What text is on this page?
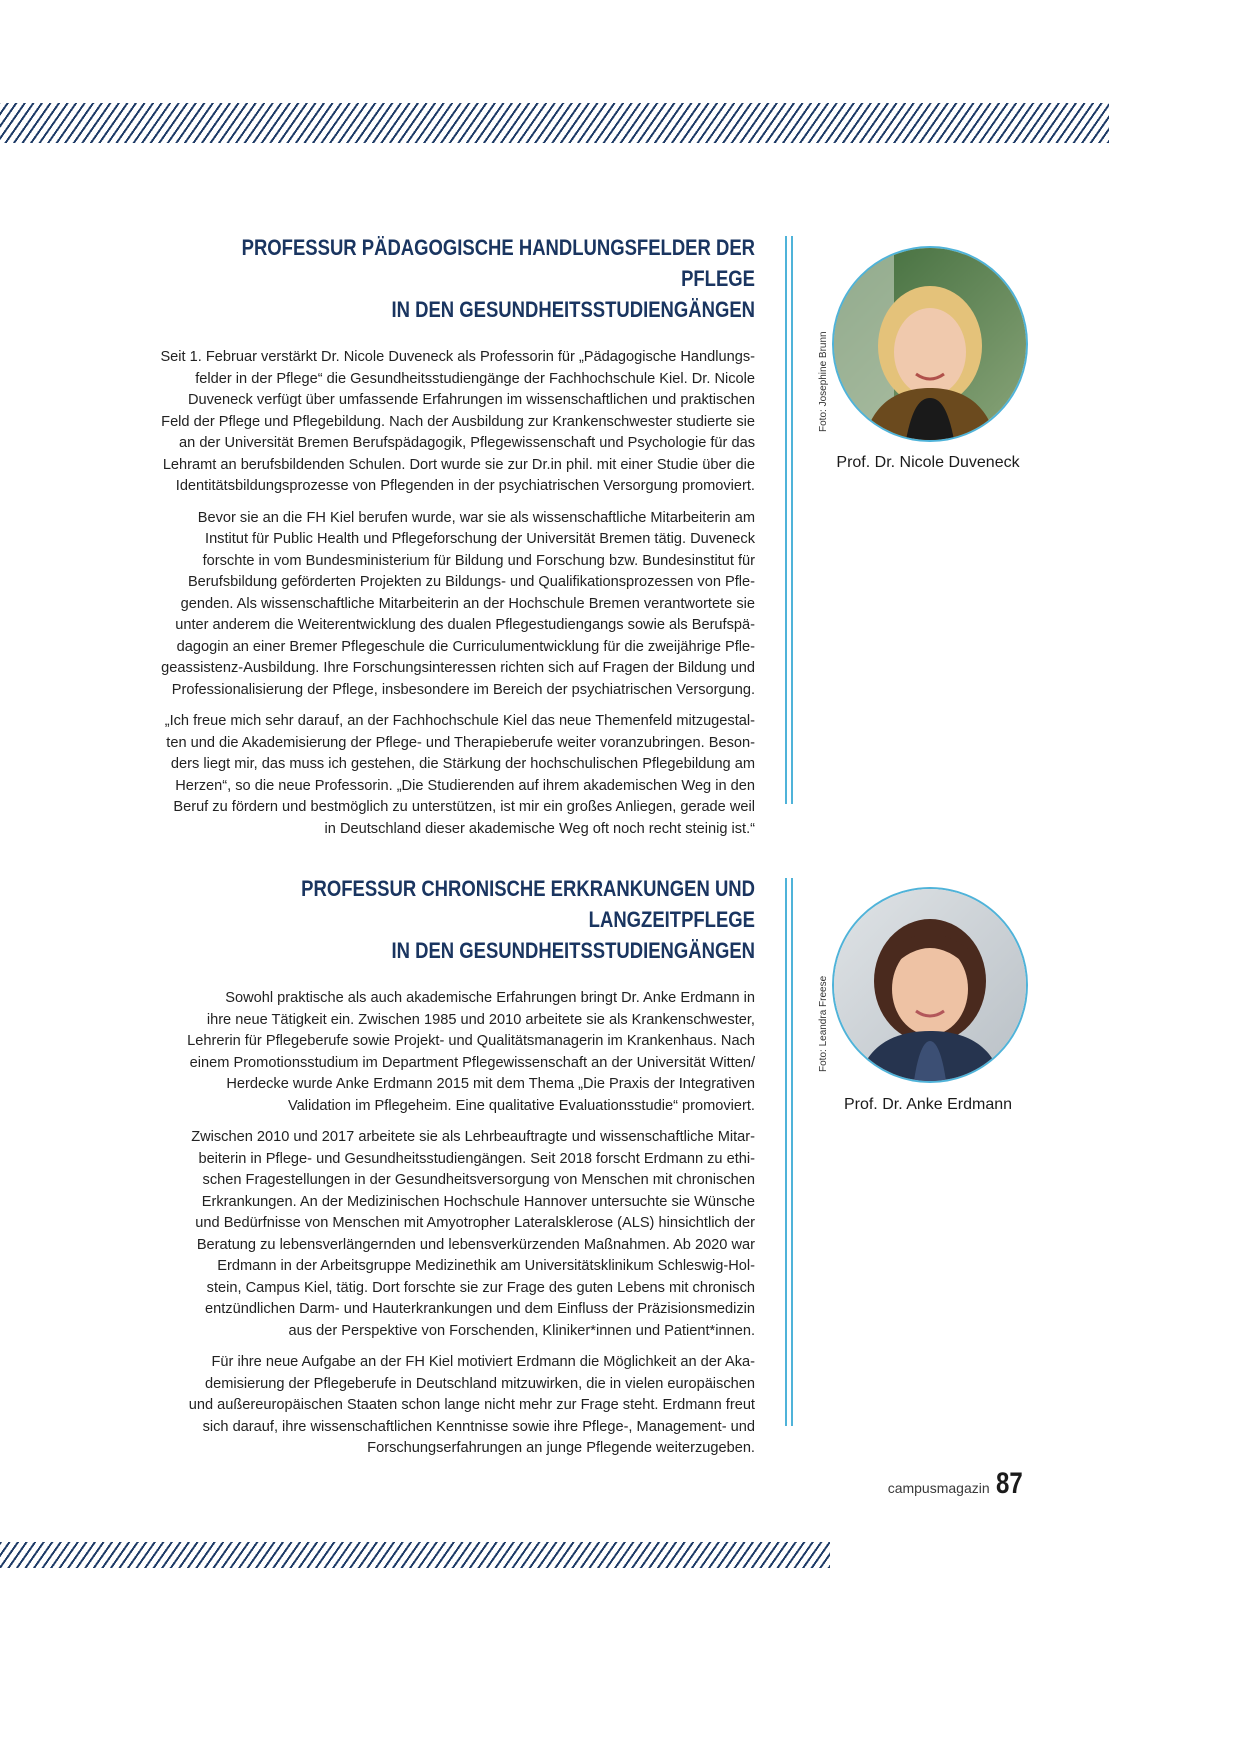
PROFESSUR PÄDAGOGISCHE HANDLUNGSFELDER DER PFLEGE
IN DEN GESUNDHEITSSTUDIENGÄNGEN

Seit 1. Februar verstärkt Dr. Nicole Duveneck als Professorin für „Pädagogische Handlungs-
felder in der Pflege“ die Gesundheitsstudiengänge der Fachhochschule Kiel. Dr. Nicole
Duveneck verfügt über umfassende Erfahrungen im wissenschaftlichen und praktischen
Feld der Pflege und Pflegebildung. Nach der Ausbildung zur Krankenschwester studierte sie
an der Universität Bremen Berufspädagogik, Pflegewissenschaft und Psychologie für das
Lehramt an berufsbildenden Schulen. Dort wurde sie zur Dr.in phil. mit einer Studie über die
Identitätsbildungsprozesse von Pflegenden in der psychiatrischen Versorgung promoviert.

Bevor sie an die FH Kiel berufen wurde, war sie als wissenschaftliche Mitarbeiterin am
Institut für Public Health und Pflegeforschung der Universität Bremen tätig. Duveneck
forschte in vom Bundesministerium für Bildung und Forschung bzw. Bundesinstitut für
Berufsbildung geförderten Projekten zu Bildungs- und Qualifikationsprozessen von Pfle-
genden. Als wissenschaftliche Mitarbeiterin an der Hochschule Bremen verantwortete sie
unter anderem die Weiterentwicklung des dualen Pflegestudiengangs sowie als Berufspä-
dagogin an einer Bremer Pflegeschule die Curriculumentwicklung für die zweijährige Pfle-
geassistenz-Ausbildung. Ihre Forschungsinteressen richten sich auf Fragen der Bildung und
Professionalisierung der Pflege, insbesondere im Bereich der psychiatrischen Versorgung.

„Ich freue mich sehr darauf, an der Fachhochschule Kiel das neue Themenfeld mitzugestal-
ten und die Akademisierung der Pflege- und Therapieberufe weiter voranzubringen. Beson-
ders liegt mir, das muss ich gestehen, die Stärkung der hochschulischen Pflegebildung am
Herzen“, so die neue Professorin. „Die Studierenden auf ihrem akademischen Weg in den
Beruf zu fördern und bestmöglich zu unterstützen, ist mir ein großes Anliegen, gerade weil
in Deutschland dieser akademische Weg oft noch recht steinig ist.“

Foto: Josephine Brunn
Prof. Dr. Nicole Duveneck
PROFESSUR CHRONISCHE ERKRANKUNGEN UND LANGZEITPFLEGE
IN DEN GESUNDHEITSSTUDIENGÄNGEN

Sowohl praktische als auch akademische Erfahrungen bringt Dr. Anke Erdmann in
ihre neue Tätigkeit ein. Zwischen 1985 und 2010 arbeitete sie als Krankenschwester,
Lehrerin für Pflegeberufe sowie Projekt- und Qualitätsmanagerin im Krankenhaus. Nach
einem Promotionsstudium im Department Pflegewissenschaft an der Universität Witten/
Herdecke wurde Anke Erdmann 2015 mit dem Thema „Die Praxis der Integrativen
Validation im Pflegeheim. Eine qualitative Evaluationsstudie“ promoviert.

Zwischen 2010 und 2017 arbeitete sie als Lehrbeauftragte und wissenschaftliche Mitar-
beiterin in Pflege- und Gesundheitsstudiengängen. Seit 2018 forscht Erdmann zu ethi-
schen Fragestellungen in der Gesundheitsversorgung von Menschen mit chronischen
Erkrankungen. An der Medizinischen Hochschule Hannover untersuchte sie Wünsche
und Bedürfnisse von Menschen mit Amyotropher Lateralsklerose (ALS) hinsichtlich der
Beratung zu lebensverlängernden und lebensverkürzenden Maßnahmen. Ab 2020 war
Erdmann in der Arbeitsgruppe Medizinethik am Universitätsklinikum Schleswig-Hol-
stein, Campus Kiel, tätig. Dort forschte sie zur Frage des guten Lebens mit chronisch
entzündlichen Darm- und Hauterkrankungen und dem Einfluss der Präzisionsmedizin
aus der Perspektive von Forschenden, Kliniker*innen und Patient*innen.

Für ihre neue Aufgabe an der FH Kiel motiviert Erdmann die Möglichkeit an der Aka-
demisierung der Pflegeberufe in Deutschland mitzuwirken, die in vielen europäischen
und außereuropäischen Staaten schon lange nicht mehr zur Frage steht. Erdmann freut
sich darauf, ihre wissenschaftlichen Kenntnisse sowie ihre Pflege-, Management- und
Forschungserfahrungen an junge Pflegende weiterzugeben.

Foto: Leandra Freese
Prof. Dr. Anke Erdmann
campusmagazin 87
